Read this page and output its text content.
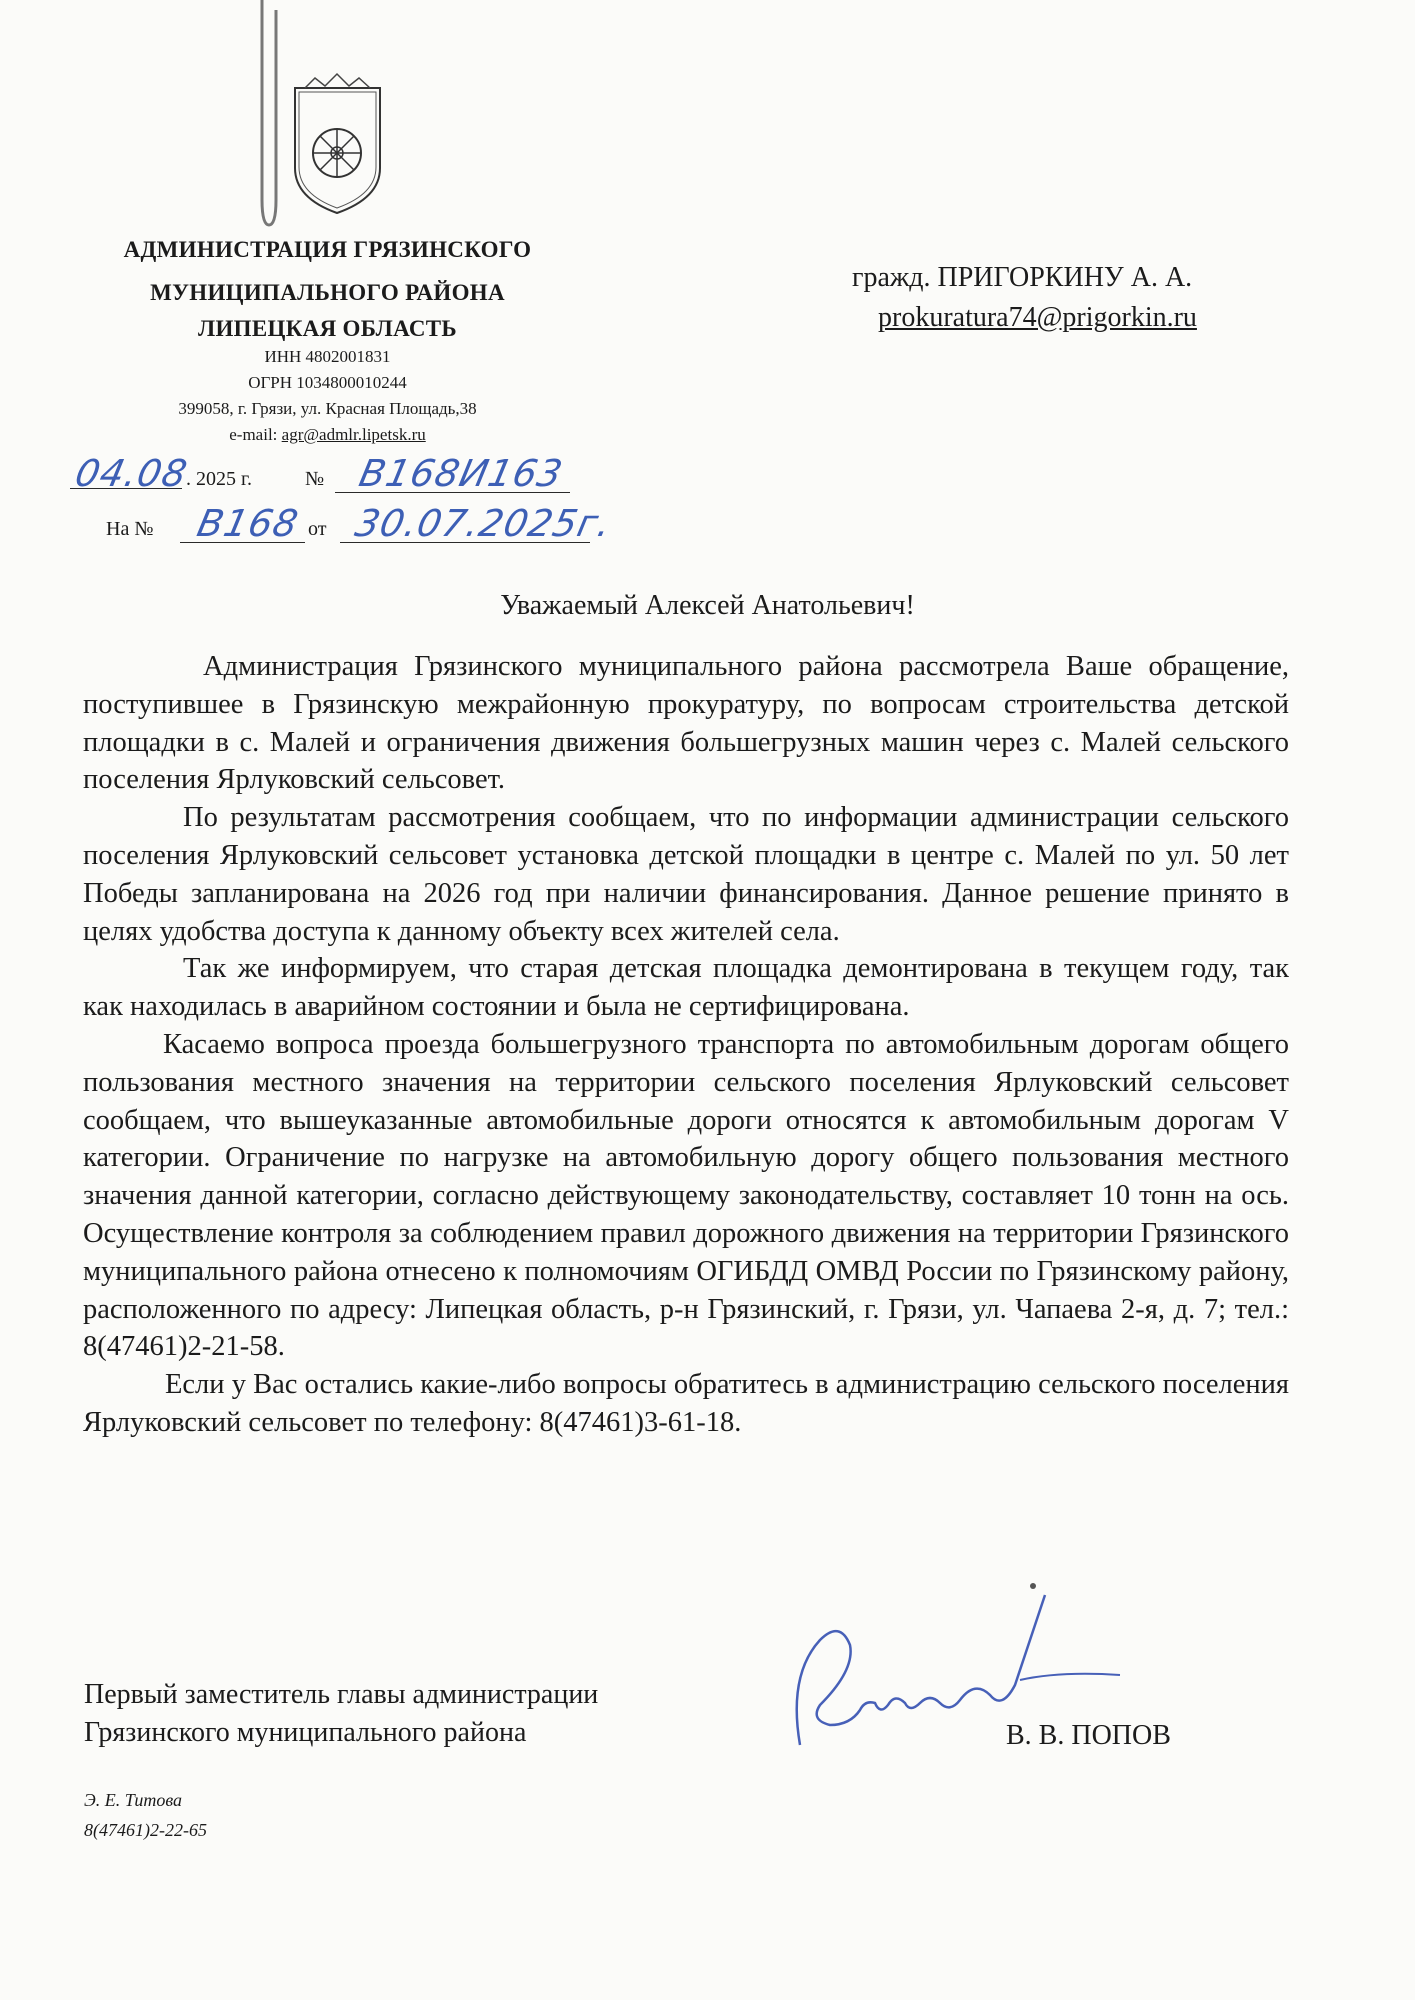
АДМИНИСТРАЦИЯ ГРЯЗИНСКОГО

МУНИЦИПАЛЬНОГО РАЙОНА

ЛИПЕЦКАЯ ОБЛАСТЬ

ИНН 4802001831

ОГРН 1034800010244

399058, г. Грязи, ул. Красная Площадь,38

e-mail: agr@admlr.lipetsk.ru

гражд. ПРИГОРКИНУ А. А.
prokuratura74@prigorkin.ru
04.08
. 2025 г.	№ В168И163
На № В168 от 30.07.2025г.
Уважаемый Алексей Анатольевич!

Администрация Грязинского муниципального района рассмотрела Ваше обращение, поступившее в Грязинскую межрайонную прокуратуру, по вопросам строительства детской площадки в с. Малей и ограничения движения большегрузных машин через с. Малей сельского поселения Ярлуковский сельсовет.

По результатам рассмотрения сообщаем, что по информации администрации сельского поселения Ярлуковский сельсовет установка детской площадки в центре с. Малей по ул. 50 лет Победы запланирована на 2026 год при наличии финансирования. Данное решение принято в целях удобства доступа к данному объекту всех жителей села.

Так же информируем, что старая детская площадка демонтирована в текущем году, так как находилась в аварийном состоянии и была не сертифицирована.

Касаемо вопроса проезда большегрузного транспорта по автомобильным дорогам общего пользования местного значения на территории сельского поселения Ярлуковский сельсовет сообщаем, что вышеуказанные автомобильные дороги относятся к автомобильным дорогам V категории. Ограничение по нагрузке на автомобильную дорогу общего пользования местного значения данной категории, согласно действующему законодательству, составляет 10 тонн на ось. Осуществление контроля за соблюдением правил дорожного движения на территории Грязинского муниципального района отнесено к полномочиям ОГИБДД ОМВД России по Грязинскому району, расположенного по адресу: Липецкая область, р-н Грязинский, г. Грязи, ул. Чапаева 2-я, д. 7; тел.: 8(47461)2-21-58.

Если у Вас остались какие-либо вопросы обратитесь в администрацию сельского поселения Ярлуковский сельсовет по телефону: 8(47461)3-61-18.

Первый заместитель главы администрации
Грязинского муниципального района	В. В. ПОПОВ
Э. Е. Титова
8(47461)2-22-65
